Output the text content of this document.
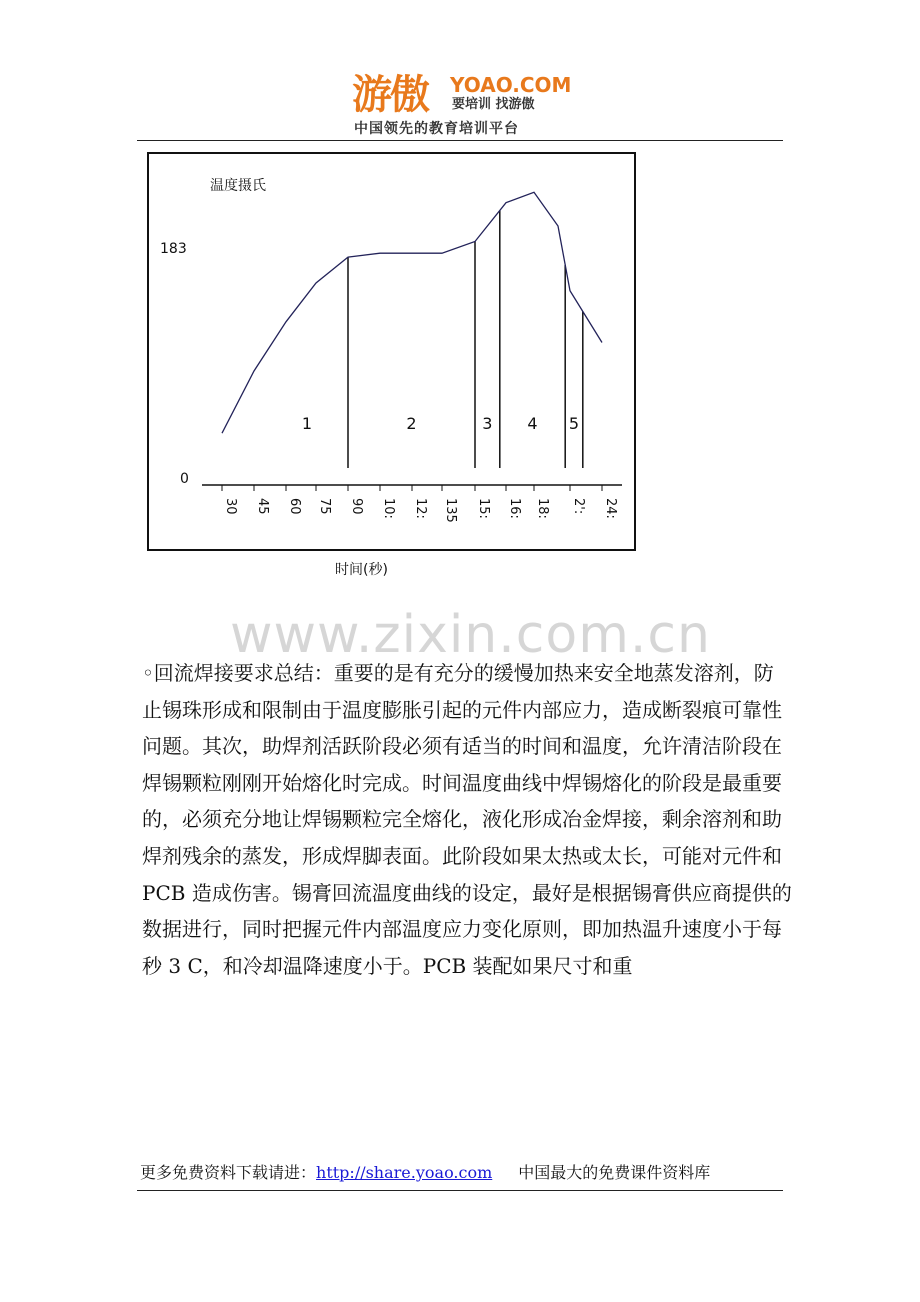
游傲 YOAO.COM
要培训 找游傲
中国领先的教育培训平台
温度摄氏
183
0
30 45 60 75 90 10: 12: 135 15: 16: 18: 2': 24:
1	2	3 4 5
时间(秒)
www.zixin.com.cn

◦回流焊接要求总结：重要的是有充分的缓慢加热来安全地蒸发溶剂，防止锡珠形成和限制由于温度膨胀引起的元件内部应力，造成断裂痕可靠性问题。其次，助焊剂活跃阶段必须有适当的时间和温度，允许清洁阶段在焊锡颗粒刚刚开始熔化时完成。时间温度曲线中焊锡熔化的阶段是最重要的，必须充分地让焊锡颗粒完全熔化，液化形成冶金焊接，剩余溶剂和助焊剂残余的蒸发，形成焊脚表面。此阶段如果太热或太长，可能对元件和 PCB 造成伤害。锡膏回流温度曲线的设定，最好是根据锡膏供应商提供的数据进行，同时把握元件内部温度应力变化原则，即加热温升速度小于每秒 3 C，和冷却温降速度小于。PCB 装配如果尺寸和重

更多免费资料下载请进：http://share.yoao.com 中国最大的免费课件资料库
